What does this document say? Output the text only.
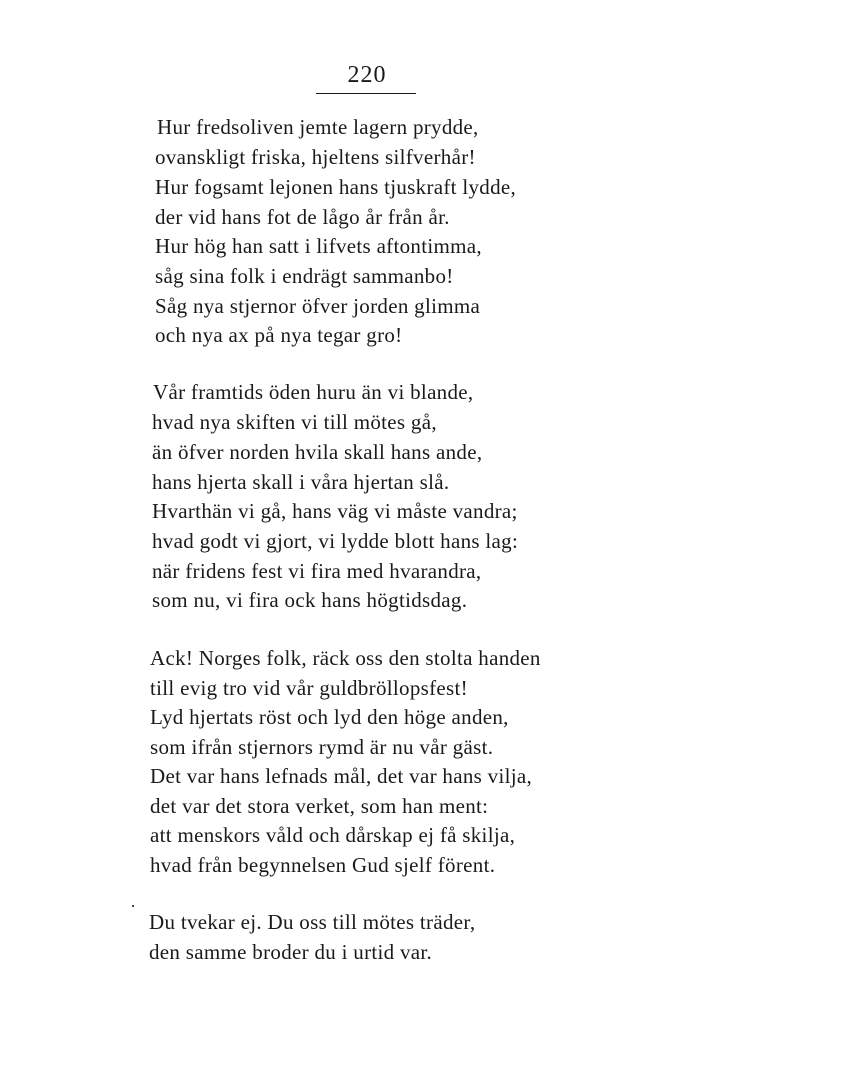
220
Hur fredsoliven jemte lagern prydde,
ovanskligt friska, hjeltens silfverhår!
Hur fogsamt lejonen hans tjuskraft lydde,
der vid hans fot de lågo år från år.
Hur hög han satt i lifvets aftontimma,
såg sina folk i endrägt sammanbo!
Såg nya stjernor öfver jorden glimma
och nya ax på nya tegar gro!
Vår framtids öden huru än vi blande,
hvad nya skiften vi till mötes gå,
än öfver norden hvila skall hans ande,
hans hjerta skall i våra hjertan slå.
Hvarthän vi gå, hans väg vi måste vandra;
hvad godt vi gjort, vi lydde blott hans lag:
när fridens fest vi fira med hvarandra,
som nu, vi fira ock hans högtidsdag.
Ack! Norges folk, räck oss den stolta handen
till evig tro vid vår guldbröllopsfest!
Lyd hjertats röst och lyd den höge anden,
som ifrån stjernors rymd är nu vår gäst.
Det var hans lefnads mål, det var hans vilja,
det var det stora verket, som han ment:
att menskors våld och dårskap ej få skilja,
hvad från begynnelsen Gud sjelf förent.
Du tvekar ej. Du oss till mötes träder,
den samme broder du i urtid var.
